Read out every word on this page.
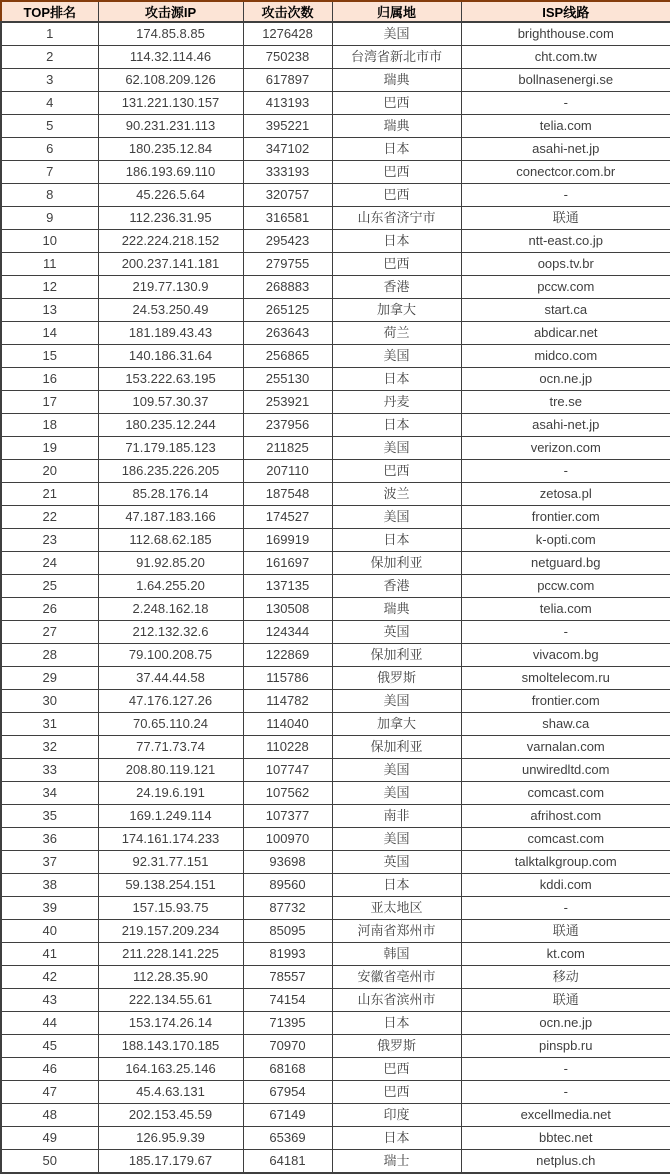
TOP排名	攻击源IP	攻击次数	归属地	ISP线路
1	174.85.8.85	1276428	美国	brighthouse.com
2	114.32.114.46	750238	台湾省新北市市	cht.com.tw
3	62.108.209.126	617897	瑞典	bollnasenergi.se
4	131.221.130.157	413193	巴西	-
5	90.231.231.113	395221	瑞典	telia.com
6	180.235.12.84	347102	日本	asahi-net.jp
7	186.193.69.110	333193	巴西	conectcor.com.br
8	45.226.5.64	320757	巴西	-
9	112.236.31.95	316581	山东省济宁市	联通
10	222.224.218.152	295423	日本	ntt-east.co.jp
11	200.237.141.181	279755	巴西	oops.tv.br
12	219.77.130.9	268883	香港	pccw.com
13	24.53.250.49	265125	加拿大	start.ca
14	181.189.43.43	263643	荷兰	abdicar.net
15	140.186.31.64	256865	美国	midco.com
16	153.222.63.195	255130	日本	ocn.ne.jp
17	109.57.30.37	253921	丹麦	tre.se
18	180.235.12.244	237956	日本	asahi-net.jp
19	71.179.185.123	211825	美国	verizon.com
20	186.235.226.205	207110	巴西	-
21	85.28.176.14	187548	波兰	zetosa.pl
22	47.187.183.166	174527	美国	frontier.com
23	112.68.62.185	169919	日本	k-opti.com
24	91.92.85.20	161697	保加利亚	netguard.bg
25	1.64.255.20	137135	香港	pccw.com
26	2.248.162.18	130508	瑞典	telia.com
27	212.132.32.6	124344	英国	-
28	79.100.208.75	122869	保加利亚	vivacom.bg
29	37.44.44.58	115786	俄罗斯	smoltelecom.ru
30	47.176.127.26	114782	美国	frontier.com
31	70.65.110.24	114040	加拿大	shaw.ca
32	77.71.73.74	110228	保加利亚	varnalan.com
33	208.80.119.121	107747	美国	unwiredltd.com
34	24.19.6.191	107562	美国	comcast.com
35	169.1.249.114	107377	南非	afrihost.com
36	174.161.174.233	100970	美国	comcast.com
37	92.31.77.151	93698	英国	talktalkgroup.com
38	59.138.254.151	89560	日本	kddi.com
39	157.15.93.75	87732	亚太地区	-
40	219.157.209.234	85095	河南省郑州市	联通
41	211.228.141.225	81993	韩国	kt.com
42	112.28.35.90	78557	安徽省亳州市	移动
43	222.134.55.61	74154	山东省滨州市	联通
44	153.174.26.14	71395	日本	ocn.ne.jp
45	188.143.170.185	70970	俄罗斯	pinspb.ru
46	164.163.25.146	68168	巴西	-
47	45.4.63.131	67954	巴西	-
48	202.153.45.59	67149	印度	excellmedia.net
49	126.95.9.39	65369	日本	bbtec.net
50	185.17.179.67	64181	瑞士	netplus.ch
